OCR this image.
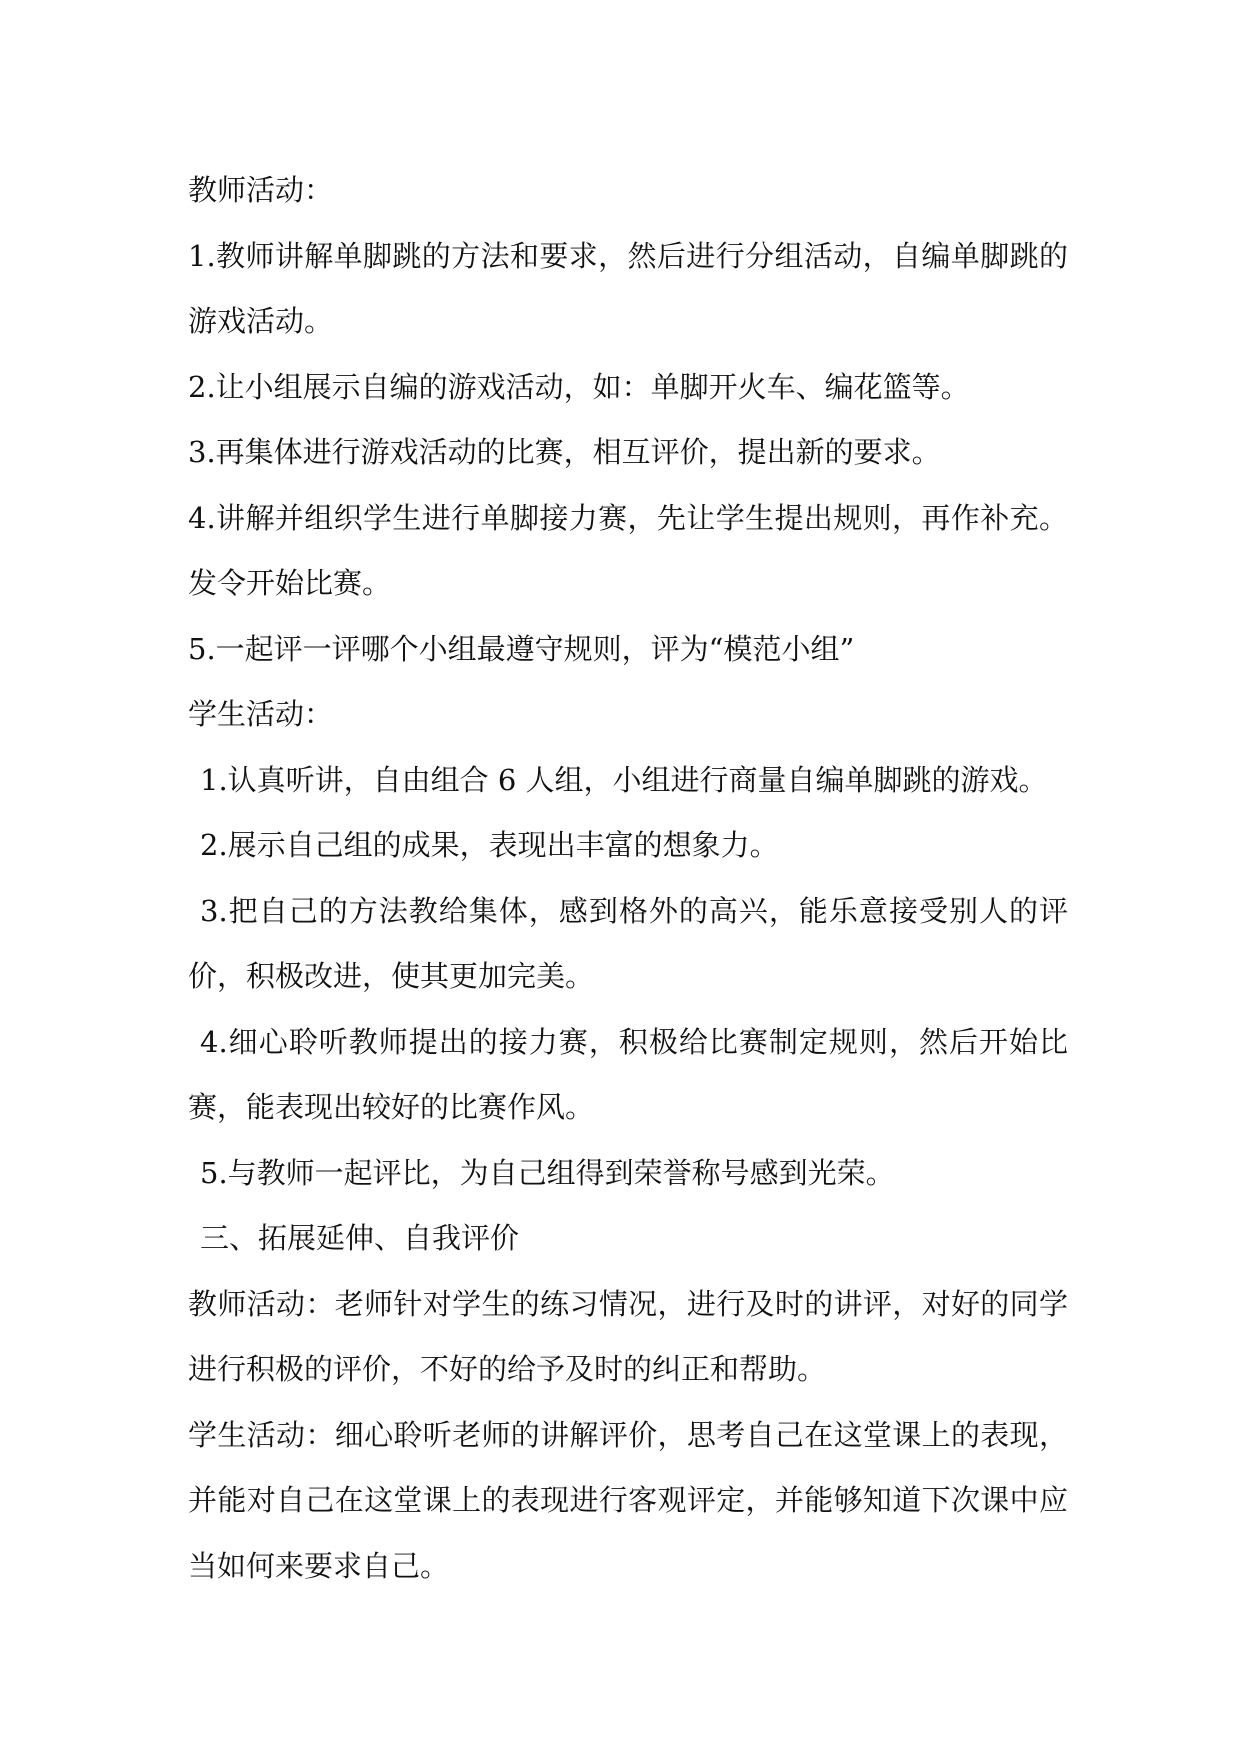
教师活动：
1.教师讲解单脚跳的方法和要求，然后进行分组活动，自编单脚跳的
游戏活动。
2.让小组展示自编的游戏活动，如：单脚开火车、编花篮等。
3.再集体进行游戏活动的比赛，相互评价，提出新的要求。
4.讲解并组织学生进行单脚接力赛，先让学生提出规则，再作补充。
发令开始比赛。
5.一起评一评哪个小组最遵守规则，评为“模范小组”
学生活动：
1.认真听讲，自由组合 6 人组，小组进行商量自编单脚跳的游戏。
2.展示自己组的成果，表现出丰富的想象力。
3.把自己的方法教给集体，感到格外的高兴，能乐意接受别人的评
价，积极改进，使其更加完美。
4.细心聆听教师提出的接力赛，积极给比赛制定规则，然后开始比
赛，能表现出较好的比赛作风。
5.与教师一起评比，为自己组得到荣誉称号感到光荣。
三、拓展延伸、自我评价
教师活动：老师针对学生的练习情况，进行及时的讲评，对好的同学
进行积极的评价，不好的给予及时的纠正和帮助。
学生活动：细心聆听老师的讲解评价，思考自己在这堂课上的表现，
并能对自己在这堂课上的表现进行客观评定，并能够知道下次课中应
当如何来要求自己。
